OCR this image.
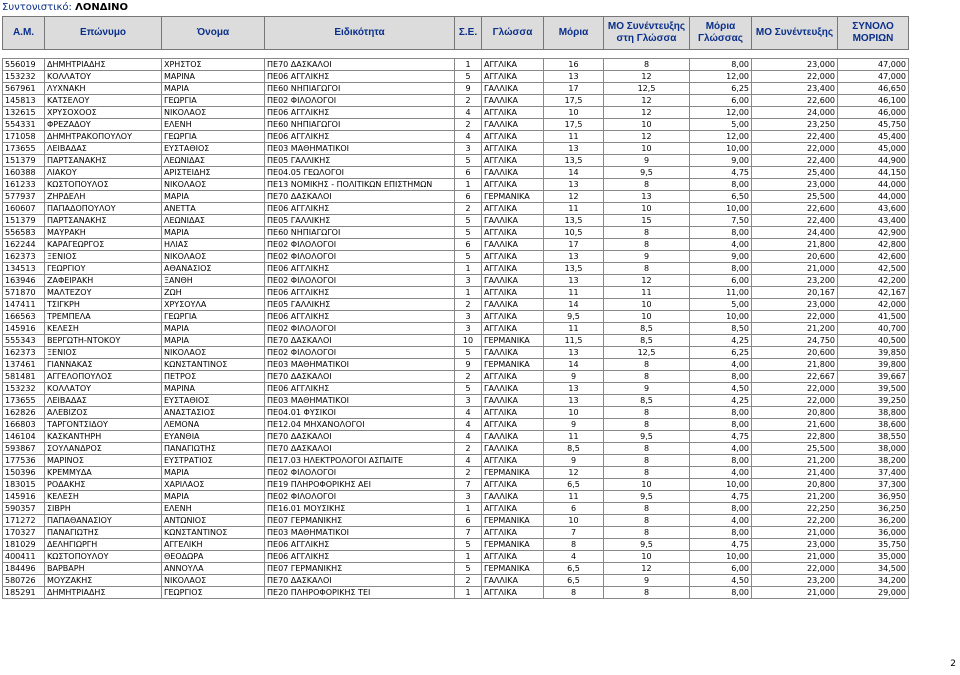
Συντονιστικό: ΛΟΝΔΙΝΟ
Α.Μ.	Επώνυμο	Όνομα	Ειδικότητα	Σ.Ε.	Γλώσσα	Μόρια	ΜΟ Συνέντευξης στη Γλώσσα	Μόρια Γλώσσας	ΜΟ Συνέντευξης	ΣΥΝΟΛΟ ΜΟΡΙΩΝ

556019	ΔΗΜΗΤΡΙΑΔΗΣ	ΧΡΗΣΤΟΣ	ΠΕ70 ΔΑΣΚΑΛΟΙ	1	ΑΓΓΛΙΚΑ	16	8	8,00	23,000	47,000
153232	ΚΟΛΛΑΤΟΥ	ΜΑΡΙΝΑ	ΠΕ06 ΑΓΓΛΙΚΗΣ	5	ΑΓΓΛΙΚΑ	13	12	12,00	22,000	47,000
567961	ΛΥΧΝΑΚΗ	ΜΑΡΙΑ	ΠΕ60 ΝΗΠΙΑΓΩΓΟΙ	9	ΓΑΛΛΙΚΑ	17	12,5	6,25	23,400	46,650
145813	ΚΑΤΣΕΛΟΥ	ΓΕΩΡΓΙΑ	ΠΕ02 ΦΙΛΟΛΟΓΟΙ	2	ΓΑΛΛΙΚΑ	17,5	12	6,00	22,600	46,100
132615	ΧΡΥΣΟΧΟΟΣ	ΝΙΚΟΛΑΟΣ	ΠΕ06 ΑΓΓΛΙΚΗΣ	4	ΑΓΓΛΙΚΑ	10	12	12,00	24,000	46,000
554331	ΦΡΕΖΑΔΟΥ	ΕΛΕΝΗ	ΠΕ60 ΝΗΠΙΑΓΩΓΟΙ	2	ΓΑΛΛΙΚΑ	17,5	10	5,00	23,250	45,750
171058	ΔΗΜΗΤΡΑΚΟΠΟΥΛΟΥ	ΓΕΩΡΓΙΑ	ΠΕ06 ΑΓΓΛΙΚΗΣ	4	ΑΓΓΛΙΚΑ	11	12	12,00	22,400	45,400
173655	ΛΕΙΒΑΔΑΣ	ΕΥΣΤΑΘΙΟΣ	ΠΕ03 ΜΑΘΗΜΑΤΙΚΟΙ	3	ΑΓΓΛΙΚΑ	13	10	10,00	22,000	45,000
151379	ΠΑΡΤΣΑΝΑΚΗΣ	ΛΕΩΝΙΔΑΣ	ΠΕ05 ΓΑΛΛΙΚΗΣ	5	ΑΓΓΛΙΚΑ	13,5	9	9,00	22,400	44,900
160388	ΛΙΑΚΟΥ	ΑΡΙΣΤΕΙΔΗΣ	ΠΕ04.05 ΓΕΩΛΟΓΟΙ	6	ΓΑΛΛΙΚΑ	14	9,5	4,75	25,400	44,150
161233	ΚΩΣΤΟΠΟΥΛΟΣ	ΝΙΚΟΛΑΟΣ	ΠΕ13 ΝΟΜΙΚΗΣ - ΠΟΛΙΤΙΚΩΝ ΕΠΙΣΤΗΜΩΝ	1	ΑΓΓΛΙΚΑ	13	8	8,00	23,000	44,000
577937	ΖΗΡΔΕΛΗ	ΜΑΡΙΑ	ΠΕ70 ΔΑΣΚΑΛΟΙ	6	ΓΕΡΜΑΝΙΚΑ	12	13	6,50	25,500	44,000
160607	ΠΑΠΑΔΟΠΟΥΛΟΥ	ΑΝΕΤΤΑ	ΠΕ06 ΑΓΓΛΙΚΗΣ	2	ΑΓΓΛΙΚΑ	11	10	10,00	22,600	43,600
151379	ΠΑΡΤΣΑΝΑΚΗΣ	ΛΕΩΝΙΔΑΣ	ΠΕ05 ΓΑΛΛΙΚΗΣ	5	ΓΑΛΛΙΚΑ	13,5	15	7,50	22,400	43,400
556583	ΜΑΥΡΑΚΗ	ΜΑΡΙΑ	ΠΕ60 ΝΗΠΙΑΓΩΓΟΙ	5	ΑΓΓΛΙΚΑ	10,5	8	8,00	24,400	42,900
162244	ΚΑΡΑΓΕΩΡΓΟΣ	ΗΛΙΑΣ	ΠΕ02 ΦΙΛΟΛΟΓΟΙ	6	ΓΑΛΛΙΚΑ	17	8	4,00	21,800	42,800
162373	ΞΕΝΙΟΣ	ΝΙΚΟΛΑΟΣ	ΠΕ02 ΦΙΛΟΛΟΓΟΙ	5	ΑΓΓΛΙΚΑ	13	9	9,00	20,600	42,600
134513	ΓΕΩΡΓΙΟΥ	ΑΘΑΝΑΣΙΟΣ	ΠΕ06 ΑΓΓΛΙΚΗΣ	1	ΑΓΓΛΙΚΑ	13,5	8	8,00	21,000	42,500
163946	ΖΑΦΕΙΡΑΚΗ	ΞΑΝΘΗ	ΠΕ02 ΦΙΛΟΛΟΓΟΙ	3	ΓΑΛΛΙΚΑ	13	12	6,00	23,200	42,200
571870	ΜΑΛΤΕΖΟΥ	ΖΩΗ	ΠΕ06 ΑΓΓΛΙΚΗΣ	1	ΑΓΓΛΙΚΑ	11	11	11,00	20,167	42,167
147411	ΤΣΙΓΚΡΗ	ΧΡΥΣΟΥΛΑ	ΠΕ05 ΓΑΛΛΙΚΗΣ	2	ΓΑΛΛΙΚΑ	14	10	5,00	23,000	42,000
166563	ΤΡΕΜΠΕΛΑ	ΓΕΩΡΓΙΑ	ΠΕ06 ΑΓΓΛΙΚΗΣ	3	ΑΓΓΛΙΚΑ	9,5	10	10,00	22,000	41,500
145916	ΚΕΛΕΣΗ	ΜΑΡΙΑ	ΠΕ02 ΦΙΛΟΛΟΓΟΙ	3	ΑΓΓΛΙΚΑ	11	8,5	8,50	21,200	40,700
555343	ΒΕΡΓΩΤΗ-ΝΤΟΚΟΥ	ΜΑΡΙΑ	ΠΕ70 ΔΑΣΚΑΛΟΙ	10	ΓΕΡΜΑΝΙΚΑ	11,5	8,5	4,25	24,750	40,500
162373	ΞΕΝΙΟΣ	ΝΙΚΟΛΑΟΣ	ΠΕ02 ΦΙΛΟΛΟΓΟΙ	5	ΓΑΛΛΙΚΑ	13	12,5	6,25	20,600	39,850
137461	ΓΙΑΝΝΑΚΑΣ	ΚΩΝΣΤΑΝΤΙΝΟΣ	ΠΕ03 ΜΑΘΗΜΑΤΙΚΟΙ	9	ΓΕΡΜΑΝΙΚΑ	14	8	4,00	21,800	39,800
581481	ΑΓΓΕΛΟΠΟΥΛΟΣ	ΠΕΤΡΟΣ	ΠΕ70 ΔΑΣΚΑΛΟΙ	2	ΑΓΓΛΙΚΑ	9	8	8,00	22,667	39,667
153232	ΚΟΛΛΑΤΟΥ	ΜΑΡΙΝΑ	ΠΕ06 ΑΓΓΛΙΚΗΣ	5	ΓΑΛΛΙΚΑ	13	9	4,50	22,000	39,500
173655	ΛΕΙΒΑΔΑΣ	ΕΥΣΤΑΘΙΟΣ	ΠΕ03 ΜΑΘΗΜΑΤΙΚΟΙ	3	ΓΑΛΛΙΚΑ	13	8,5	4,25	22,000	39,250
162826	ΑΛΕΒΙΖΟΣ	ΑΝΑΣΤΑΣΙΟΣ	ΠΕ04.01 ΦΥΣΙΚΟΙ	4	ΑΓΓΛΙΚΑ	10	8	8,00	20,800	38,800
166803	ΤΑΡΓΟΝΤΣΙΔΟΥ	ΛΕΜΟΝΑ	ΠΕ12.04 ΜΗΧΑΝΟΛΟΓΟΙ	4	ΑΓΓΛΙΚΑ	9	8	8,00	21,600	38,600
146104	ΚΑΣΚΑΝΤΗΡΗ	ΕΥΑΝΘΙΑ	ΠΕ70 ΔΑΣΚΑΛΟΙ	4	ΓΑΛΛΙΚΑ	11	9,5	4,75	22,800	38,550
593867	ΣΟΥΛΑΝΔΡΟΣ	ΠΑΝΑΓΙΩΤΗΣ	ΠΕ70 ΔΑΣΚΑΛΟΙ	2	ΓΑΛΛΙΚΑ	8,5	8	4,00	25,500	38,000
177536	ΜΑΡΙΝΟΣ	ΕΥΣΤΡΑΤΙΟΣ	ΠΕ17.03 ΗΛΕΚΤΡΟΛΟΓΟΙ ΑΣΠΑΙΤΕ	4	ΑΓΓΛΙΚΑ	9	8	8,00	21,200	38,200
150396	ΚΡΕΜΜΥΔΑ	ΜΑΡΙΑ	ΠΕ02 ΦΙΛΟΛΟΓΟΙ	2	ΓΕΡΜΑΝΙΚΑ	12	8	4,00	21,400	37,400
183015	ΡΟΔΑΚΗΣ	ΧΑΡΙΛΑΟΣ	ΠΕ19 ΠΛΗΡΟΦΟΡΙΚΗΣ ΑΕΙ	7	ΑΓΓΛΙΚΑ	6,5	10	10,00	20,800	37,300
145916	ΚΕΛΕΣΗ	ΜΑΡΙΑ	ΠΕ02 ΦΙΛΟΛΟΓΟΙ	3	ΓΑΛΛΙΚΑ	11	9,5	4,75	21,200	36,950
590357	ΣΙΒΡΗ	ΕΛΕΝΗ	ΠΕ16.01 ΜΟΥΣΙΚΗΣ	1	ΑΓΓΛΙΚΑ	6	8	8,00	22,250	36,250
171272	ΠΑΠΑΘΑΝΑΣΙΟΥ	ΑΝΤΩΝΙΟΣ	ΠΕ07 ΓΕΡΜΑΝΙΚΗΣ	6	ΓΕΡΜΑΝΙΚΑ	10	8	4,00	22,200	36,200
170327	ΠΑΝΑΓΙΩΤΗΣ	ΚΩΝΣΤΑΝΤΙΝΟΣ	ΠΕ03 ΜΑΘΗΜΑΤΙΚΟΙ	7	ΑΓΓΛΙΚΑ	7	8	8,00	21,000	36,000
181029	ΔΕΛΗΓΙΩΡΓΗ	ΑΓΓΕΛΙΚΗ	ΠΕ06 ΑΓΓΛΙΚΗΣ	5	ΓΕΡΜΑΝΙΚΑ	8	9,5	4,75	23,000	35,750
400411	ΚΩΣΤΟΠΟΥΛΟΥ	ΘΕΟΔΩΡΑ	ΠΕ06 ΑΓΓΛΙΚΗΣ	1	ΑΓΓΛΙΚΑ	4	10	10,00	21,000	35,000
184496	ΒΑΡΒΑΡΗ	ΑΝΝΟΥΛΑ	ΠΕ07 ΓΕΡΜΑΝΙΚΗΣ	5	ΓΕΡΜΑΝΙΚΑ	6,5	12	6,00	22,000	34,500
580726	ΜΟΥΖΑΚΗΣ	ΝΙΚΟΛΑΟΣ	ΠΕ70 ΔΑΣΚΑΛΟΙ	2	ΓΑΛΛΙΚΑ	6,5	9	4,50	23,200	34,200
185291	ΔΗΜΗΤΡΙΑΔΗΣ	ΓΕΩΡΓΙΟΣ	ΠΕ20 ΠΛΗΡΟΦΟΡΙΚΗΣ ΤΕΙ	1	ΑΓΓΛΙΚΑ	8	8	8,00	21,000	29,000
2
